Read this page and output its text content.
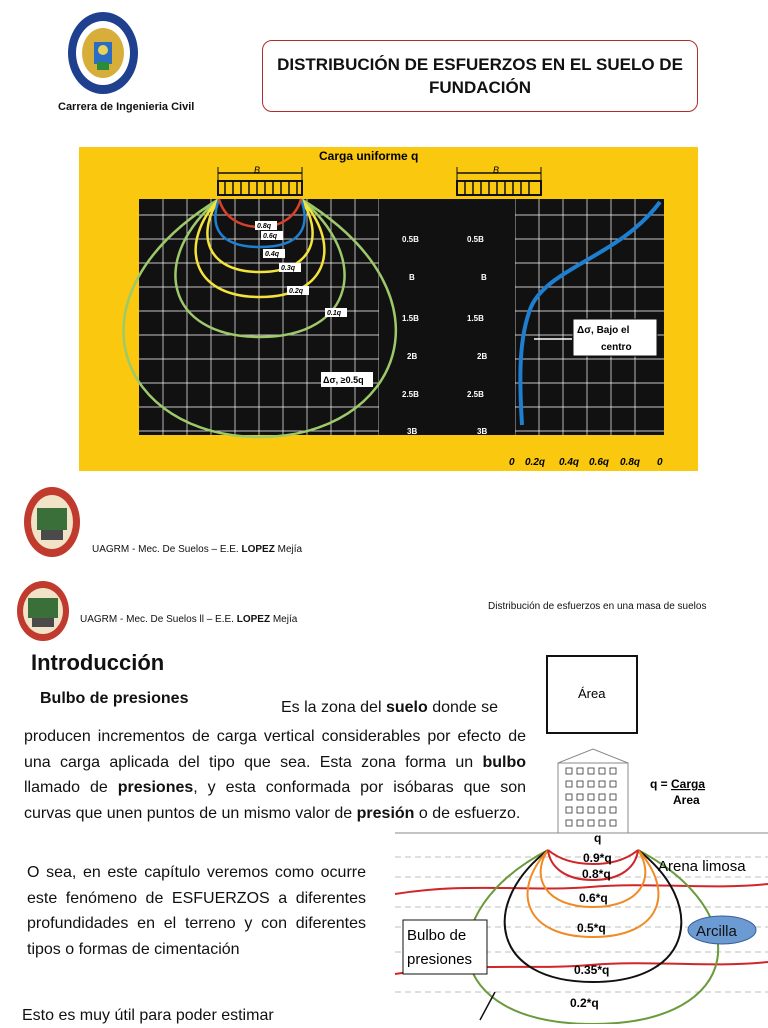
Carrera de Ingenieria Civil
DISTRIBUCIÓN DE ESFUERZOS EN EL SUELO DE FUNDACIÓN
Carga uniforme q
B	B
0.8q
0.6q
0.4q
0.3q
0.2q
0.1q
Δσ, ≥0.5q
0.5B
B
1.5B
2B
2.5B
3B
0.5B
B
1.5B
2B
2.5B
3B
Δσ, Bajo el
centro
0 0.2q 0.4q 0.6q 0.8q 0
UAGRM - Mec. De Suelos – E.E. LOPEZ Mejía
UAGRM - Mec. De Suelos ll – E.E. LOPEZ Mejía
Distribución de esfuerzos en una masa de suelos
Introducción
Bulbo de presiones
Es la zona del suelo donde se
producen incrementos de carga vertical considerables por efecto de una carga aplicada del tipo que sea. Esta zona forma un bulbo llamado de presiones, y esta conformada por isóbaras que son curvas que unen puntos de un mismo valor de presión o de esfuerzo.
O sea, en este capítulo veremos como ocurre este fenómeno de ESFUERZOS a diferentes profundidades en el terreno y con diferentes tipos o formas de cimentación
Esto es muy útil para poder estimar
Área
q = Carga
Area
q
0.9*q
0.8*q
0.6*q
0.5*q
0.35*q
0.2*q
Arena limosa
Arcilla
Bulbo de
presiones
